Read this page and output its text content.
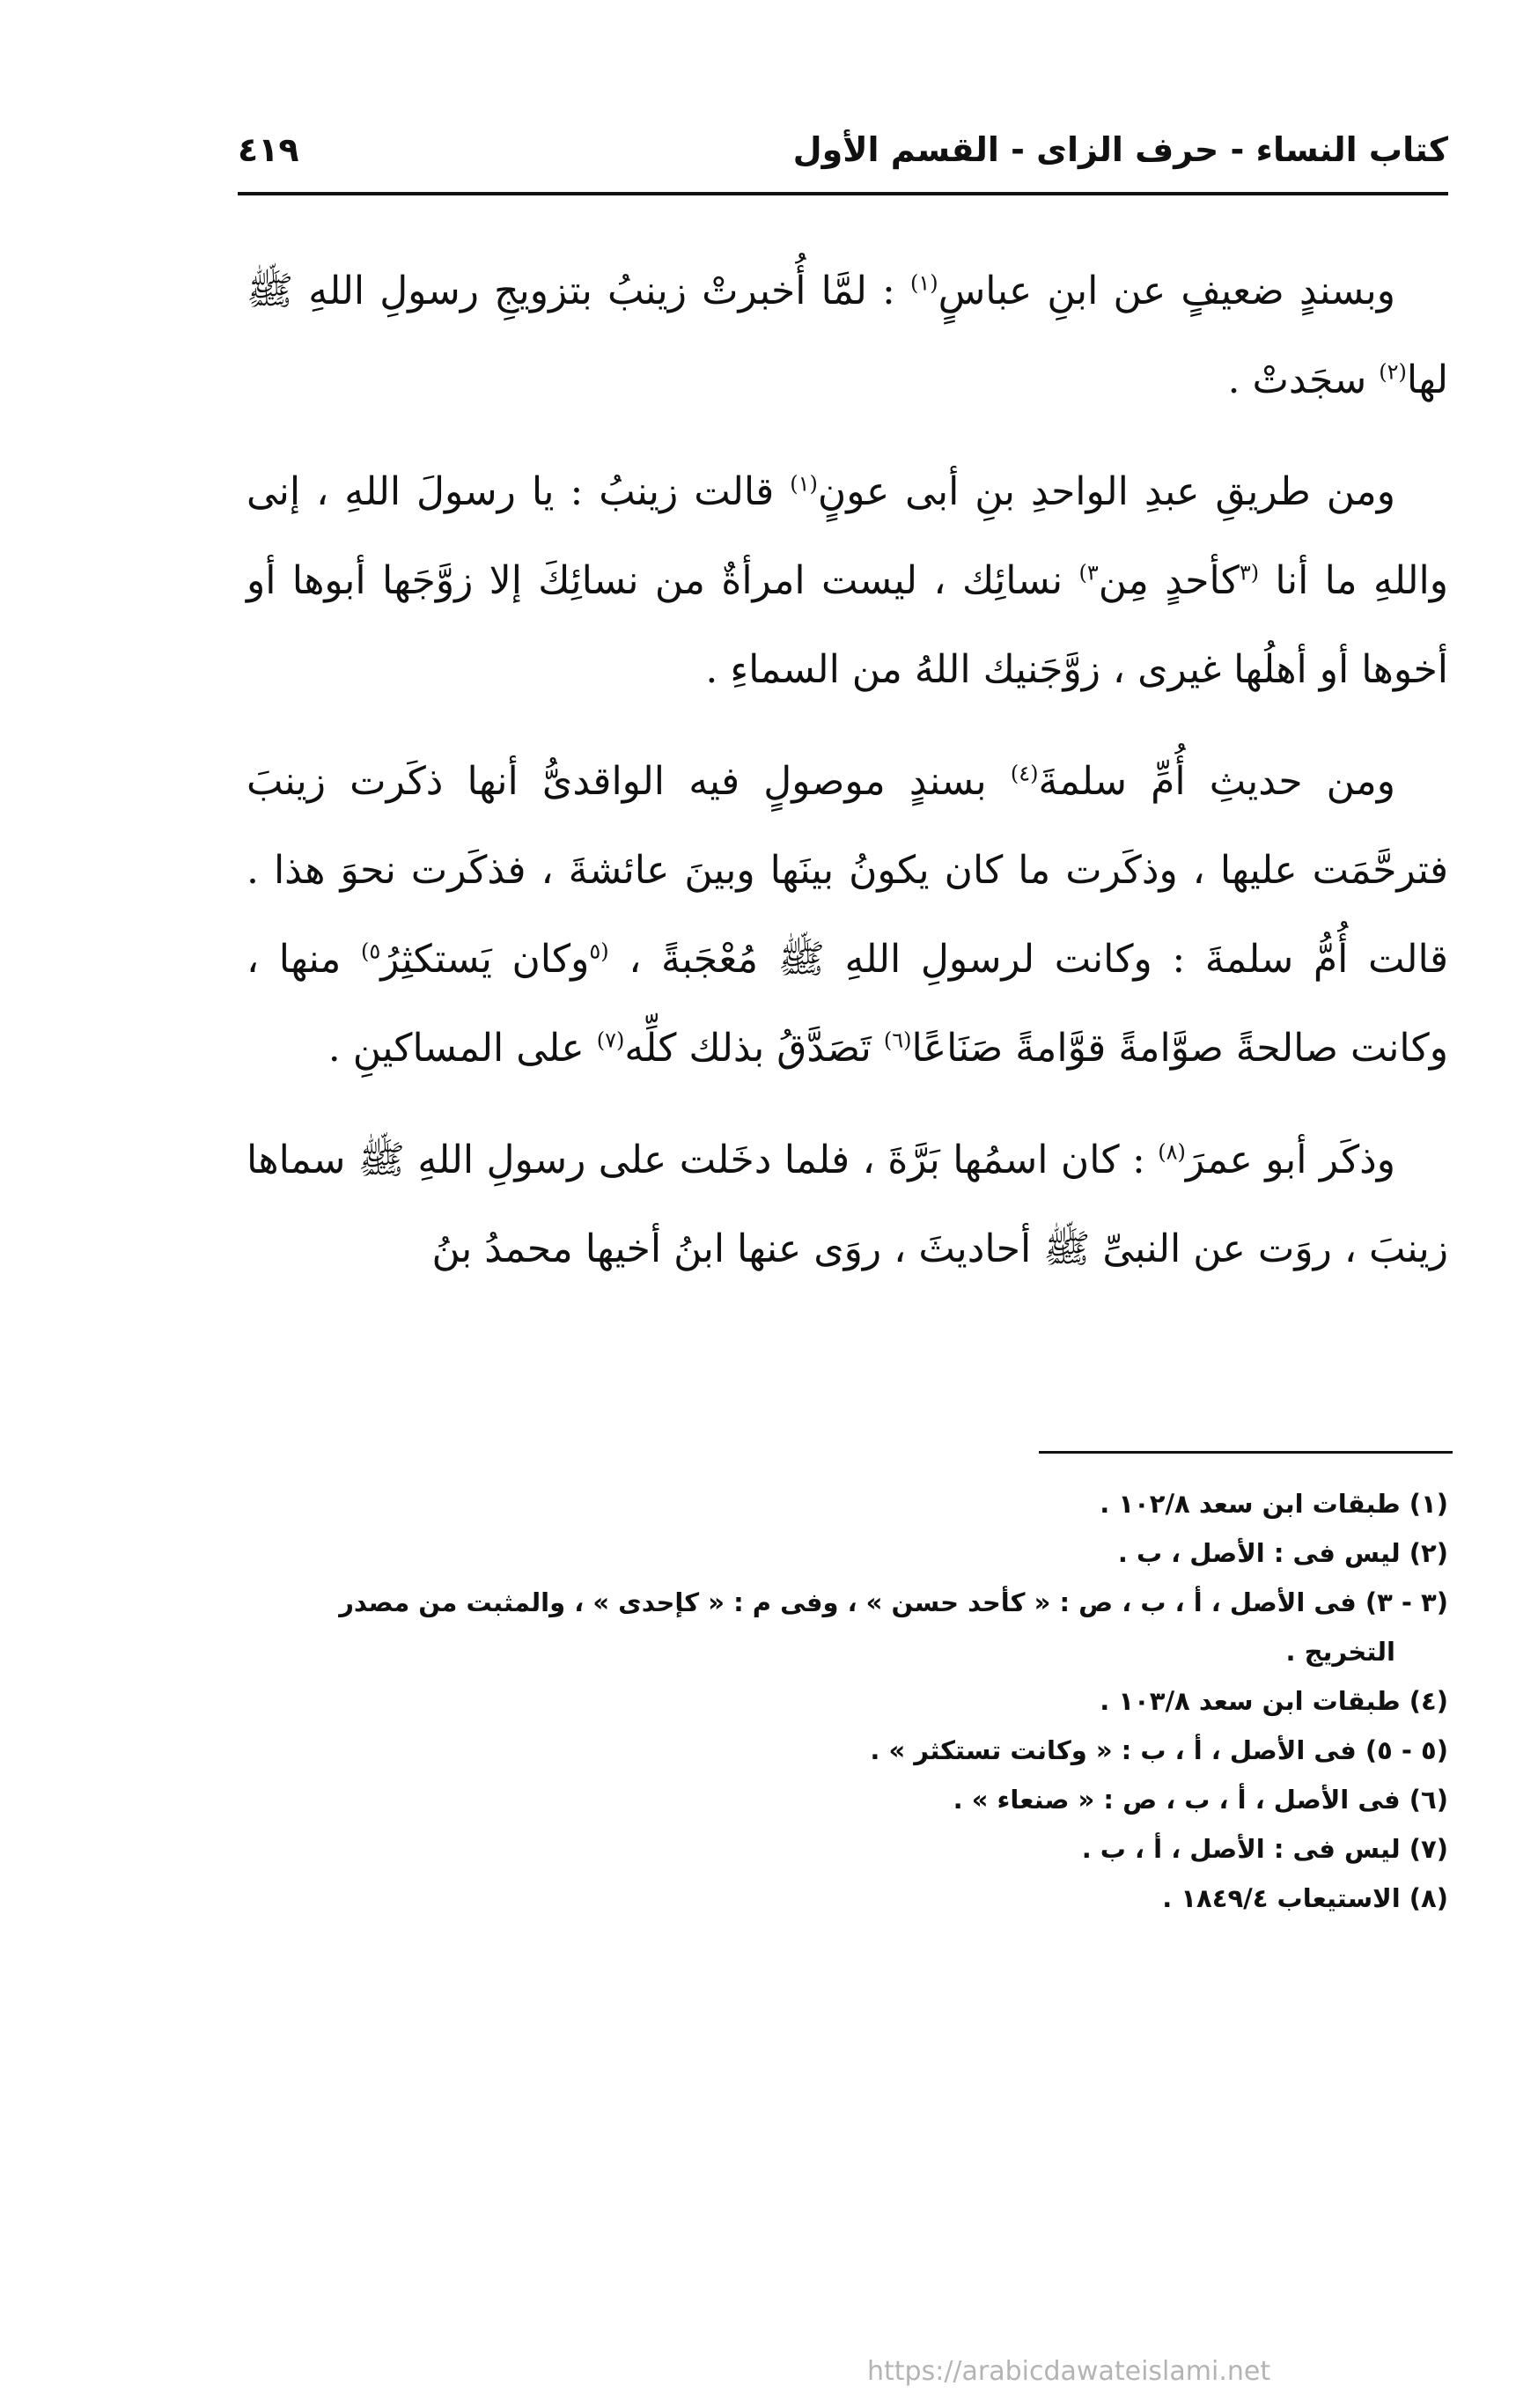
كتاب النساء - حرف الزاى - القسم الأول
٤١٩

وبسندٍ ضعيفٍ عن ابنِ عباسٍ$^{(١)}$ : لمَّا أُخبرتْ زينبُ بتزويجِ رسولِ اللهِ ﷺ لها$^{(٢)}$ سجَدتْ .

ومن طريقِ عبدِ الواحدِ بنِ أبى عونٍ$^{(١)}$ قالت زينبُ : يا رسولَ اللهِ ، إنى واللهِ ما أنا $^{(٣}$كأحدٍ مِن$^{٣)}$ نسائِك ، ليست امرأةٌ من نسائِكَ إلا زوَّجَها أبوها أو أخوها أو أهلُها غيرى ، زوَّجَنيك اللهُ من السماءِ .

ومن حديثِ أُمِّ سلمةَ$^{(٤)}$ بسندٍ موصولٍ فيه الواقدىُّ أنها ذكَرت زينبَ فترحَّمَت عليها ، وذكَرت ما كان يكونُ بينَها وبينَ عائشةَ ، فذكَرت نحوَ هذا . قالت أُمُّ سلمةَ : وكانت لرسولِ اللهِ ﷺ مُعْجَبةً ، $^{(٥}$وكان يَستكثِرُ$^{٥)}$ منها ، وكانت صالحةً صوَّامةً قوَّامةً صَنَاعًا$^{(٦)}$ تَصَدَّقُ بذلك كلِّه$^{(٧)}$ على المساكينِ .

وذكَر أبو عمرَ$^{(٨)}$ : كان اسمُها بَرَّةَ ، فلما دخَلت على رسولِ اللهِ ﷺ سماها زينبَ ، روَت عن النبىِّ ﷺ أحاديثَ ، روَى عنها ابنُ أخيها محمدُ بنُ

(١) طبقات ابن سعد ١٠٢/٨ .

(٢) ليس فى : الأصل ، ب .

(٣ - ٣) فى الأصل ، أ ، ب ، ص : « كأحد حسن » ، وفى م : « كإحدى » ، والمثبت من مصدر

التخريج .

(٤) طبقات ابن سعد ١٠٣/٨ .

(٥ - ٥) فى الأصل ، أ ، ب : « وكانت تستكثر » .

(٦) فى الأصل ، أ ، ب ، ص : « صنعاء » .

(٧) ليس فى : الأصل ، أ ، ب .

(٨) الاستيعاب ١٨٤٩/٤ .

https://arabicdawateislami.net
